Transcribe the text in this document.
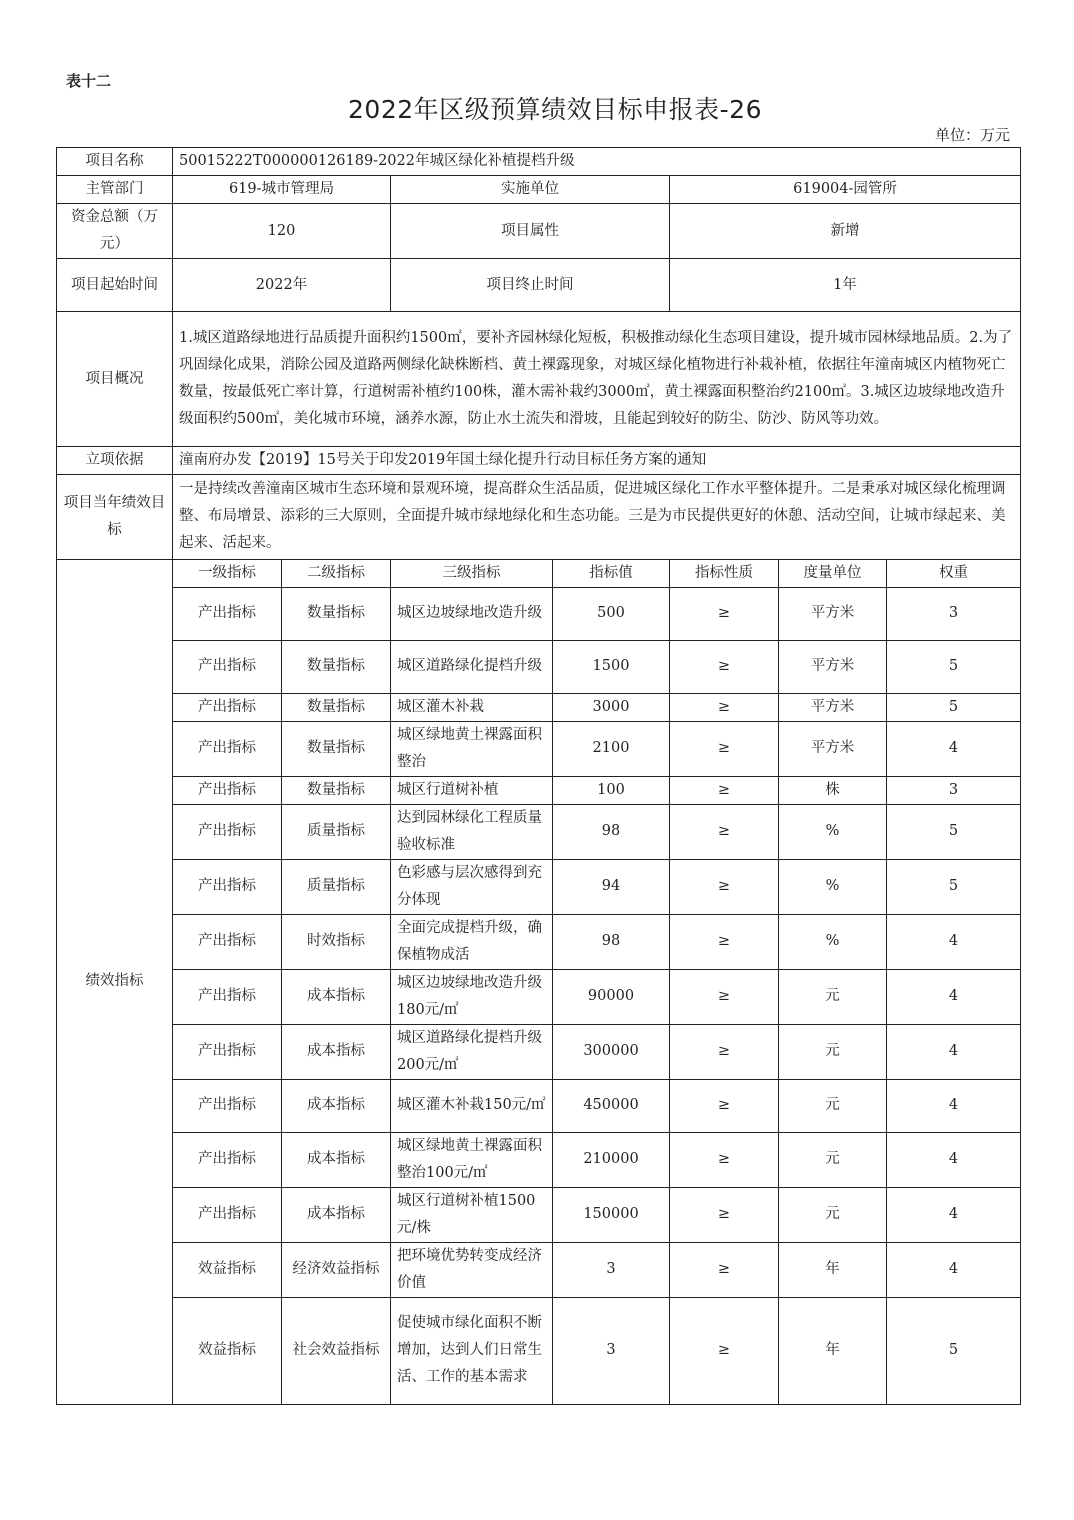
表十二
2022年区级预算绩效目标申报表-26
单位：万元
项目名称	50015222T000000126189-2022年城区绿化补植提档升级						
主管部门	619-城市管理局		实施单位		619004-园管所		
资金总额（万元）	120		项目属性		新增		
项目起始时间	2022年		项目终止时间		1年		
项目概况	1.城区道路绿地进行品质提升面积约1500㎡，要补齐园林绿化短板，积极推动绿化生态项目建设，提升城市园林绿地品质。2.为了巩固绿化成果，消除公园及道路两侧绿化缺株断档、黄土裸露现象，对城区绿化植物进行补栽补植，依据往年潼南城区内植物死亡数量，按最低死亡率计算，行道树需补植约100株，灌木需补栽约3000㎡，黄土裸露面积整治约2100㎡。3.城区边坡绿地改造升级面积约500㎡，美化城市环境，涵养水源，防止水土流失和滑坡，且能起到较好的防尘、防沙、防风等功效。						
立项依据	潼南府办发【2019】15号关于印发2019年国土绿化提升行动目标任务方案的通知						
项目当年绩效目标	一是持续改善潼南区城市生态环境和景观环境，提高群众生活品质，促进城区绿化工作水平整体提升。二是秉承对城区绿化梳理调整、布局增景、添彩的三大原则，全面提升城市绿地绿化和生态功能。三是为市民提供更好的休憩、活动空间，让城市绿起来、美起来、活起来。						
绩效指标	一级指标	二级指标	三级指标	指标值	指标性质	度量单位	权重
	产出指标	数量指标	城区边坡绿地改造升级	500	≥	平方米	3
	产出指标	数量指标	城区道路绿化提档升级	1500	≥	平方米	5
	产出指标	数量指标	城区灌木补栽	3000	≥	平方米	5
	产出指标	数量指标	城区绿地黄土裸露面积整治	2100	≥	平方米	4
	产出指标	数量指标	城区行道树补植	100	≥	株	3
	产出指标	质量指标	达到园林绿化工程质量验收标准	98	≥	%	5
	产出指标	质量指标	色彩感与层次感得到充分体现	94	≥	%	5
	产出指标	时效指标	全面完成提档升级，确保植物成活	98	≥	%	4
	产出指标	成本指标	城区边坡绿地改造升级180元/㎡	90000	≥	元	4
	产出指标	成本指标	城区道路绿化提档升级200元/㎡	300000	≥	元	4
	产出指标	成本指标	城区灌木补栽150元/㎡	450000	≥	元	4
	产出指标	成本指标	城区绿地黄土裸露面积整治100元/㎡	210000	≥	元	4
	产出指标	成本指标	城区行道树补植1500元/株	150000	≥	元	4
	效益指标	经济效益指标	把环境优势转变成经济价值	3	≥	年	4
	效益指标	社会效益指标	促使城市绿化面积不断增加，达到人们日常生活、工作的基本需求	3	≥	年	5
